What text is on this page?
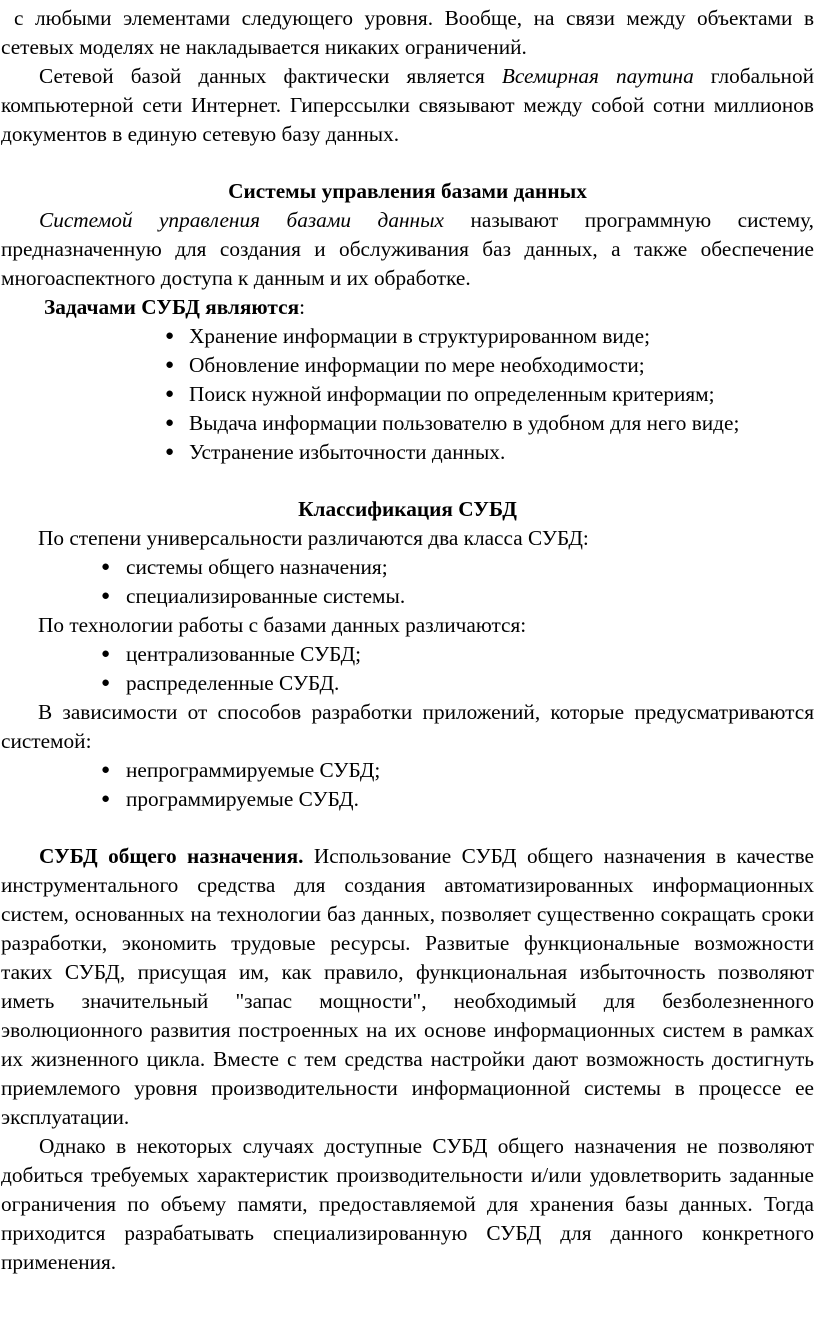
с любыми элементами следующего уровня. Вообще, на связи между объектами в сетевых моделях не накладывается никаких ограничений.

Сетевой базой данных фактически является Всемирная паутина глобальной компьютерной сети Интернет. Гиперссылки связывают между собой сотни миллионов документов в единую сетевую базу данных.

Системы управления базами данных

Системой управления базами данных называют программную систему, предназначенную для создания и обслуживания баз данных, а также обеспечение многоаспектного доступа к данным и их обработке.

Задачами СУБД являются:

● Хранение информации в структурированном виде;
● Обновление информации по мере необходимости;
● Поиск нужной информации по определенным критериям;
● Выдача информации пользователю в удобном для него виде;
● Устранение избыточности данных.
Классификация СУБД

По степени универсальности различаются два класса СУБД:

● системы общего назначения;
● специализированные системы.

По технологии работы с базами данных различаются:

● централизованные СУБД;
● распределенные СУБД.

В зависимости от способов разработки приложений, которые предусматриваются системой:

● непрограммируемые СУБД;
● программируемые СУБД.

СУБД общего назначения. Использование СУБД общего назначения в качестве инструментального средства для создания автоматизированных информационных систем, основанных на технологии баз данных, позволяет существенно сокращать сроки разработки, экономить трудовые ресурсы. Развитые функциональные возможности таких СУБД, присущая им, как правило, функциональная избыточность позволяют иметь значительный "запас мощности", необходимый для безболезненного эволюционного развития построенных на их основе информационных систем в рамках их жизненного цикла. Вместе с тем средства настройки дают возможность достигнуть приемлемого уровня производительности информационной системы в процессе ее эксплуатации.

Однако в некоторых случаях доступные СУБД общего назначения не позволяют добиться требуемых характеристик производительности и/или удовлетворить заданные ограничения по объему памяти, предоставляемой для хранения базы данных. Тогда приходится разрабатывать специализированную СУБД для данного конкретного применения.
